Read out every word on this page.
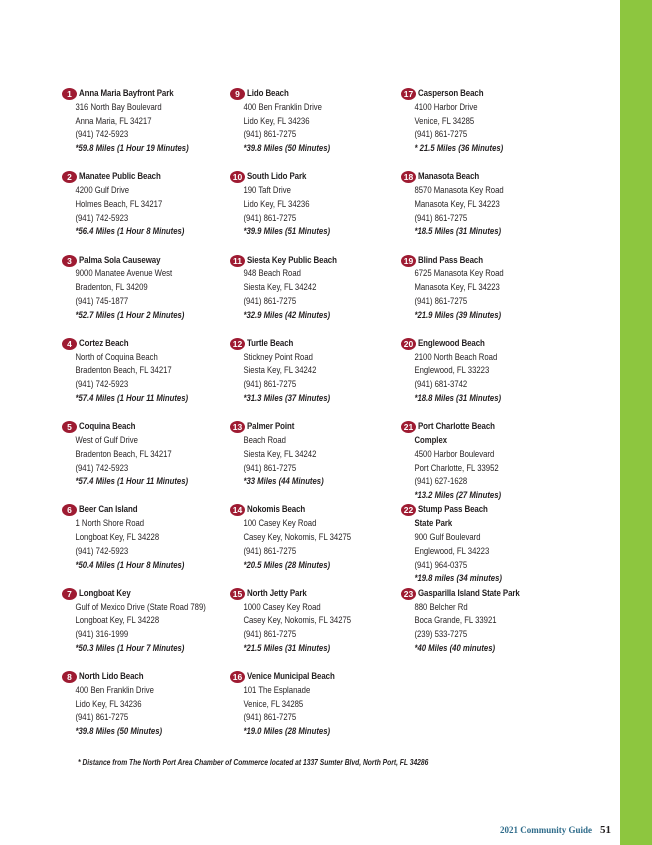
1 Anna Maria Bayfront Park
316 North Bay Boulevard
Anna Maria, FL 34217
(941) 742-5923
*59.8 Miles (1 Hour 19 Minutes)
2 Manatee Public Beach
4200 Gulf Drive
Holmes Beach, FL 34217
(941) 742-5923
*56.4 Miles (1 Hour 8 Minutes)
3 Palma Sola Causeway
9000 Manatee Avenue West
Bradenton, FL 34209
(941) 745-1877
*52.7 Miles (1 Hour 2 Minutes)
4 Cortez Beach
North of Coquina Beach
Bradenton Beach, FL 34217
(941) 742-5923
*57.4 Miles (1 Hour 11 Minutes)
5 Coquina Beach
West of Gulf Drive
Bradenton Beach, FL 34217
(941) 742-5923
*57.4 Miles (1 Hour 11 Minutes)
6 Beer Can Island
1 North Shore Road
Longboat Key, FL 34228
(941) 742-5923
*50.4 Miles (1 Hour 8 Minutes)
7 Longboat Key
Gulf of Mexico Drive (State Road 789)
Longboat Key, FL 34228
(941) 316-1999
*50.3 Miles (1 Hour 7 Minutes)
8 North Lido Beach
400 Ben Franklin Drive
Lido Key, FL 34236
(941) 861-7275
*39.8 Miles (50 Minutes)
9 Lido Beach
400 Ben Franklin Drive
Lido Key, FL 34236
(941) 861-7275
*39.8 Miles (50 Minutes)
10 South Lido Park
190 Taft Drive
Lido Key, FL 34236
(941) 861-7275
*39.9 Miles (51 Minutes)
11 Siesta Key Public Beach
948 Beach Road
Siesta Key, FL 34242
(941) 861-7275
*32.9 Miles (42 Minutes)
12 Turtle Beach
Stickney Point Road
Siesta Key, FL 34242
(941) 861-7275
*31.3 Miles (37 Minutes)
13 Palmer Point
Beach Road
Siesta Key, FL 34242
(941) 861-7275
*33 Miles (44 Minutes)
14 Nokomis Beach
100 Casey Key Road
Casey Key, Nokomis, FL 34275
(941) 861-7275
*20.5 Miles (28 Minutes)
15 North Jetty Park
1000 Casey Key Road
Casey Key, Nokomis, FL 34275
(941) 861-7275
*21.5 Miles (31 Minutes)
16 Venice Municipal Beach
101 The Esplanade
Venice, FL 34285
(941) 861-7275
*19.0 Miles (28 Minutes)
17 Casperson Beach
4100 Harbor Drive
Venice, FL 34285
(941) 861-7275
* 21.5 Miles (36 Minutes)
18 Manasota Beach
8570 Manasota Key Road
Manasota Key, FL 34223
(941) 861-7275
*18.5 Miles (31 Minutes)
19 Blind Pass Beach
6725 Manasota Key Road
Manasota Key, FL 34223
(941) 861-7275
*21.9 Miles (39 Minutes)
20 Englewood Beach
2100 North Beach Road
Englewood, FL 33223
(941) 681-3742
*18.8 Miles (31 Minutes)
21 Port Charlotte Beach
Complex
4500 Harbor Boulevard
Port Charlotte, FL 33952
(941) 627-1628
*13.2 Miles (27 Minutes)
22 Stump Pass Beach
State Park
900 Gulf Boulevard
Englewood, FL 34223
(941) 964-0375
*19.8 miles (34 minutes)
23 Gasparilla Island State Park
880 Belcher Rd
Boca Grande, FL 33921
(239) 533-7275
*40 Miles (40 minutes)
* Distance from The North Port Area Chamber of Commerce located at 1337 Sumter Blvd, North Port, FL 34286
2021 Community Guide 51
